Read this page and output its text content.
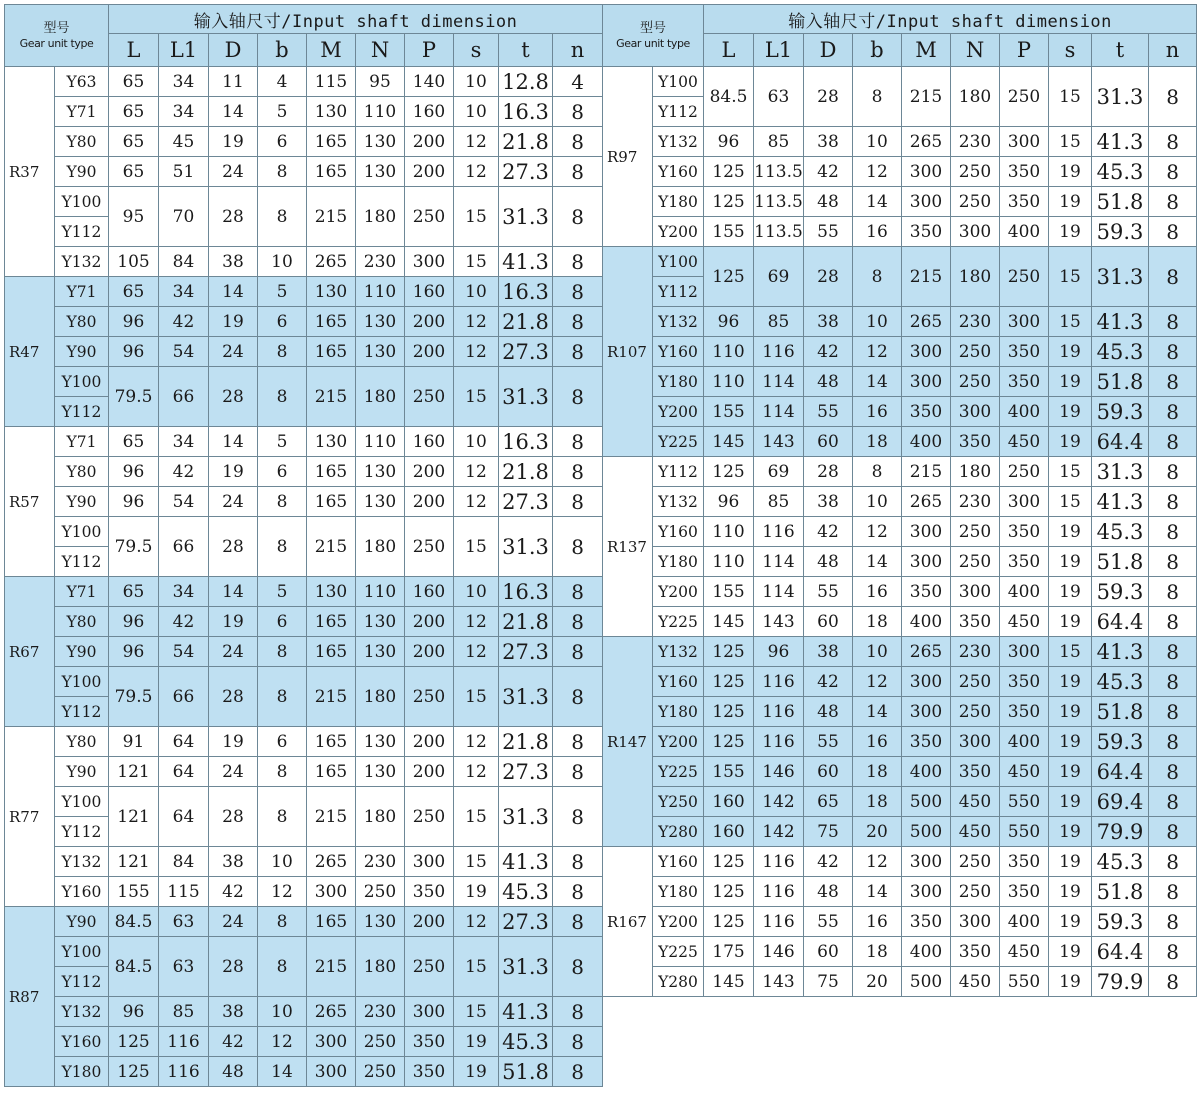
型号
Gear unit type		输入轴尺寸/Input shaft dimension									
		L	L1	D	b	M	N	P	s	t	n
R37	Y63	65	34	11	4	115	95	140	10	12.8	4
	Y71	65	34	14	5	130	110	160	10	16.3	8
	Y80	65	45	19	6	165	130	200	12	21.8	8
	Y90	65	51	24	8	165	130	200	12	27.3	8
	Y100	95	70	28	8	215	180	250	15	31.3	8
	Y112										
	Y132	105	84	38	10	265	230	300	15	41.3	8
R47	Y71	65	34	14	5	130	110	160	10	16.3	8
	Y80	96	42	19	6	165	130	200	12	21.8	8
	Y90	96	54	24	8	165	130	200	12	27.3	8
	Y100	79.5	66	28	8	215	180	250	15	31.3	8
	Y112										
R57	Y71	65	34	14	5	130	110	160	10	16.3	8
	Y80	96	42	19	6	165	130	200	12	21.8	8
	Y90	96	54	24	8	165	130	200	12	27.3	8
	Y100	79.5	66	28	8	215	180	250	15	31.3	8
	Y112										
R67	Y71	65	34	14	5	130	110	160	10	16.3	8
	Y80	96	42	19	6	165	130	200	12	21.8	8
	Y90	96	54	24	8	165	130	200	12	27.3	8
	Y100	79.5	66	28	8	215	180	250	15	31.3	8
	Y112										
R77	Y80	91	64	19	6	165	130	200	12	21.8	8
	Y90	121	64	24	8	165	130	200	12	27.3	8
	Y100	121	64	28	8	215	180	250	15	31.3	8
	Y112										
	Y132	121	84	38	10	265	230	300	15	41.3	8
	Y160	155	115	42	12	300	250	350	19	45.3	8
R87	Y90	84.5	63	24	8	165	130	200	12	27.3	8
	Y100	84.5	63	28	8	215	180	250	15	31.3	8
	Y112										
	Y132	96	85	38	10	265	230	300	15	41.3	8
	Y160	125	116	42	12	300	250	350	19	45.3	8
	Y180	125	116	48	14	300	250	350	19	51.8	8
型号
Gear unit type		输入轴尺寸/Input shaft dimension									
		L	L1	D	b	M	N	P	s	t	n
R97	Y100	84.5	63	28	8	215	180	250	15	31.3	8
	Y112										
	Y132	96	85	38	10	265	230	300	15	41.3	8
	Y160	125	113.5	42	12	300	250	350	19	45.3	8
	Y180	125	113.5	48	14	300	250	350	19	51.8	8
	Y200	155	113.5	55	16	350	300	400	19	59.3	8
R107	Y100	125	69	28	8	215	180	250	15	31.3	8
	Y112										
	Y132	96	85	38	10	265	230	300	15	41.3	8
	Y160	110	116	42	12	300	250	350	19	45.3	8
	Y180	110	114	48	14	300	250	350	19	51.8	8
	Y200	155	114	55	16	350	300	400	19	59.3	8
	Y225	145	143	60	18	400	350	450	19	64.4	8
R137	Y112	125	69	28	8	215	180	250	15	31.3	8
	Y132	96	85	38	10	265	230	300	15	41.3	8
	Y160	110	116	42	12	300	250	350	19	45.3	8
	Y180	110	114	48	14	300	250	350	19	51.8	8
	Y200	155	114	55	16	350	300	400	19	59.3	8
	Y225	145	143	60	18	400	350	450	19	64.4	8
R147	Y132	125	96	38	10	265	230	300	15	41.3	8
	Y160	125	116	42	12	300	250	350	19	45.3	8
	Y180	125	116	48	14	300	250	350	19	51.8	8
	Y200	125	116	55	16	350	300	400	19	59.3	8
	Y225	155	146	60	18	400	350	450	19	64.4	8
	Y250	160	142	65	18	500	450	550	19	69.4	8
	Y280	160	142	75	20	500	450	550	19	79.9	8
R167	Y160	125	116	42	12	300	250	350	19	45.3	8
	Y180	125	116	48	14	300	250	350	19	51.8	8
	Y200	125	116	55	16	350	300	400	19	59.3	8
	Y225	175	146	60	18	400	350	450	19	64.4	8
	Y280	145	143	75	20	500	450	550	19	79.9	8
